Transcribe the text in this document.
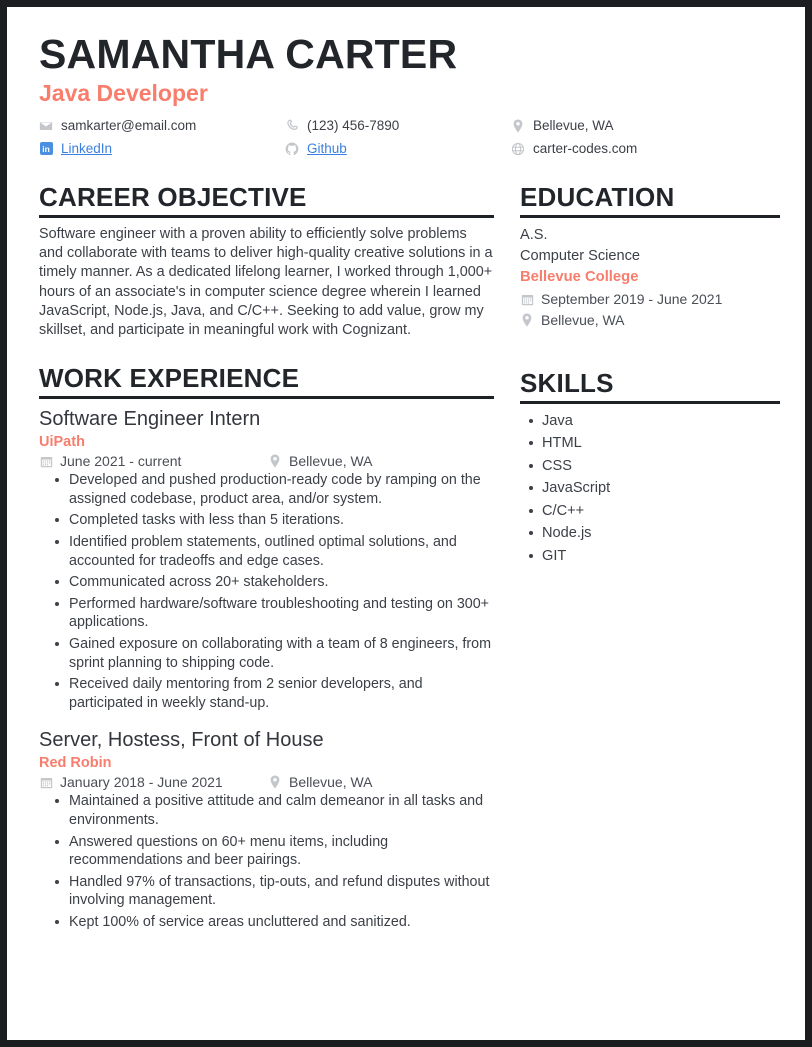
SAMANTHA CARTER
Java Developer
samkarter@email.com	(123) 456-7890	Bellevue, WA
in LinkedIn	Github	carter-codes.com
CAREER OBJECTIVE

Software engineer with a proven ability to efficiently solve problems and collaborate with teams to deliver high-quality creative solutions in a timely manner. As a dedicated lifelong learner, I worked through 1,000+ hours of an associate's in computer science degree wherein I learned JavaScript, Node.js, Java, and C/C++. Seeking to add value, grow my skillset, and participate in meaningful work with Cognizant.

WORK EXPERIENCE
Software Engineer Intern
UiPath
June 2021 - current	Bellevue, WA
Developed and pushed production-ready code by ramping on the assigned codebase, product area, and/or system.
Completed tasks with less than 5 iterations.
Identified problem statements, outlined optimal solutions, and accounted for tradeoffs and edge cases.
Communicated across 20+ stakeholders.
Performed hardware/software troubleshooting and testing on 300+ applications.
Gained exposure on collaborating with a team of 8 engineers, from sprint planning to shipping code.
Received daily mentoring from 2 senior developers, and participated in weekly stand-up.
Server, Hostess, Front of House
Red Robin
January 2018 - June 2021	Bellevue, WA
Maintained a positive attitude and calm demeanor in all tasks and environments.
Answered questions on 60+ menu items, including recommendations and beer pairings.
Handled 97% of transactions, tip-outs, and refund disputes without involving management.
Kept 100% of service areas uncluttered and sanitized.
EDUCATION
A.S.
Computer Science
Bellevue College
September 2019 - June 2021
Bellevue, WA
SKILLS
Java
HTML
CSS
JavaScript
C/C++
Node.js
GIT
